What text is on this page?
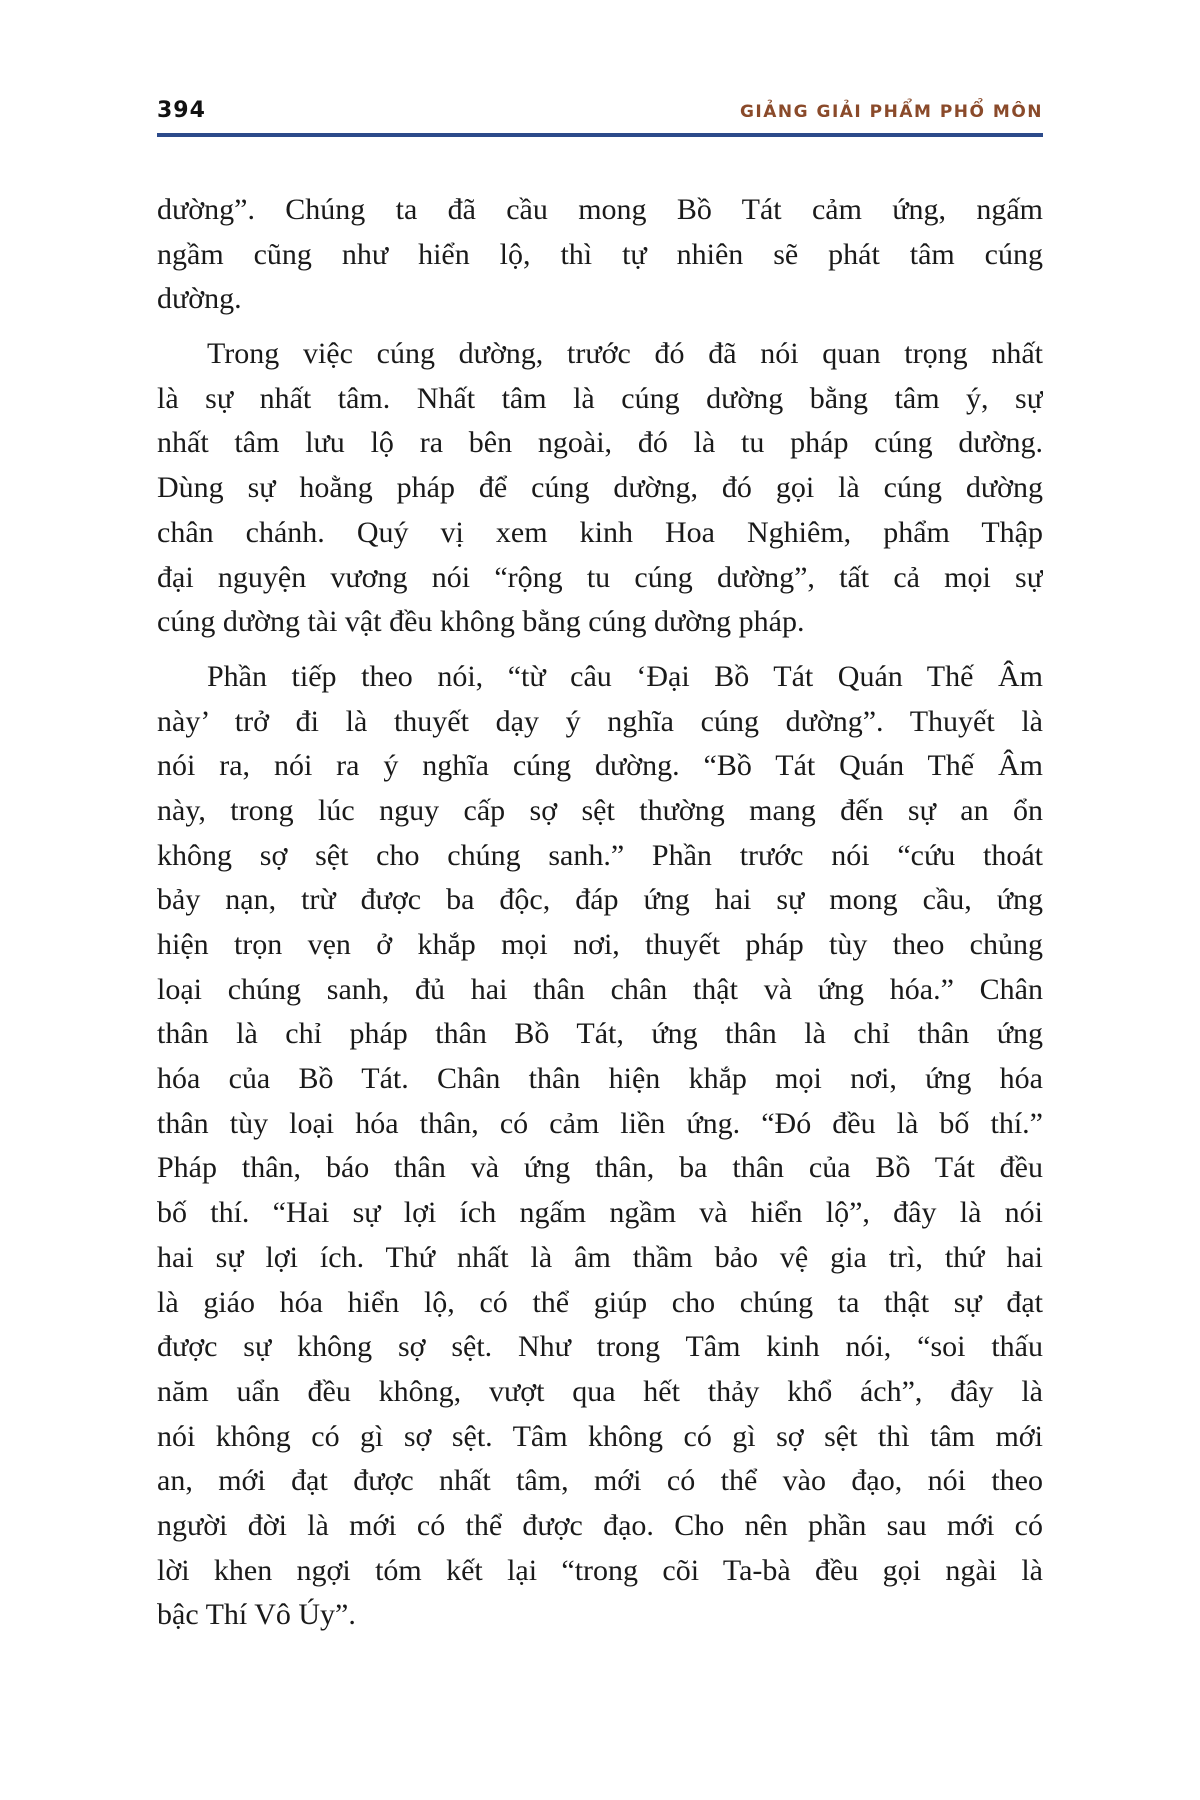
394	GIẢNG GIẢI PHẨM PHỔ MÔN
dường”. Chúng ta đã cầu mong Bồ Tát cảm ứng, ngấm
ngầm cũng như hiển lộ, thì tự nhiên sẽ phát tâm cúng
dường.
Trong việc cúng dường, trước đó đã nói quan trọng nhất
là sự nhất tâm. Nhất tâm là cúng dường bằng tâm ý, sự
nhất tâm lưu lộ ra bên ngoài, đó là tu pháp cúng dường.
Dùng sự hoằng pháp để cúng dường, đó gọi là cúng dường
chân chánh. Quý vị xem kinh Hoa Nghiêm, phẩm Thập
đại nguyện vương nói “rộng tu cúng dường”, tất cả mọi sự
cúng dường tài vật đều không bằng cúng dường pháp.
Phần tiếp theo nói, “từ câu ‘Đại Bồ Tát Quán Thế Âm
này’ trở đi là thuyết dạy ý nghĩa cúng dường”. Thuyết là
nói ra, nói ra ý nghĩa cúng dường. “Bồ Tát Quán Thế Âm
này, trong lúc nguy cấp sợ sệt thường mang đến sự an ổn
không sợ sệt cho chúng sanh.” Phần trước nói “cứu thoát
bảy nạn, trừ được ba độc, đáp ứng hai sự mong cầu, ứng
hiện trọn vẹn ở khắp mọi nơi, thuyết pháp tùy theo chủng
loại chúng sanh, đủ hai thân chân thật và ứng hóa.” Chân
thân là chỉ pháp thân Bồ Tát, ứng thân là chỉ thân ứng
hóa của Bồ Tát. Chân thân hiện khắp mọi nơi, ứng hóa
thân tùy loại hóa thân, có cảm liền ứng. “Đó đều là bố thí.”
Pháp thân, báo thân và ứng thân, ba thân của Bồ Tát đều
bố thí. “Hai sự lợi ích ngấm ngầm và hiển lộ”, đây là nói
hai sự lợi ích. Thứ nhất là âm thầm bảo vệ gia trì, thứ hai
là giáo hóa hiển lộ, có thể giúp cho chúng ta thật sự đạt
được sự không sợ sệt. Như trong Tâm kinh nói, “soi thấu
năm uẩn đều không, vượt qua hết thảy khổ ách”, đây là
nói không có gì sợ sệt. Tâm không có gì sợ sệt thì tâm mới
an, mới đạt được nhất tâm, mới có thể vào đạo, nói theo
người đời là mới có thể được đạo. Cho nên phần sau mới có
lời khen ngợi tóm kết lại “trong cõi Ta-bà đều gọi ngài là
bậc Thí Vô Úy”.
